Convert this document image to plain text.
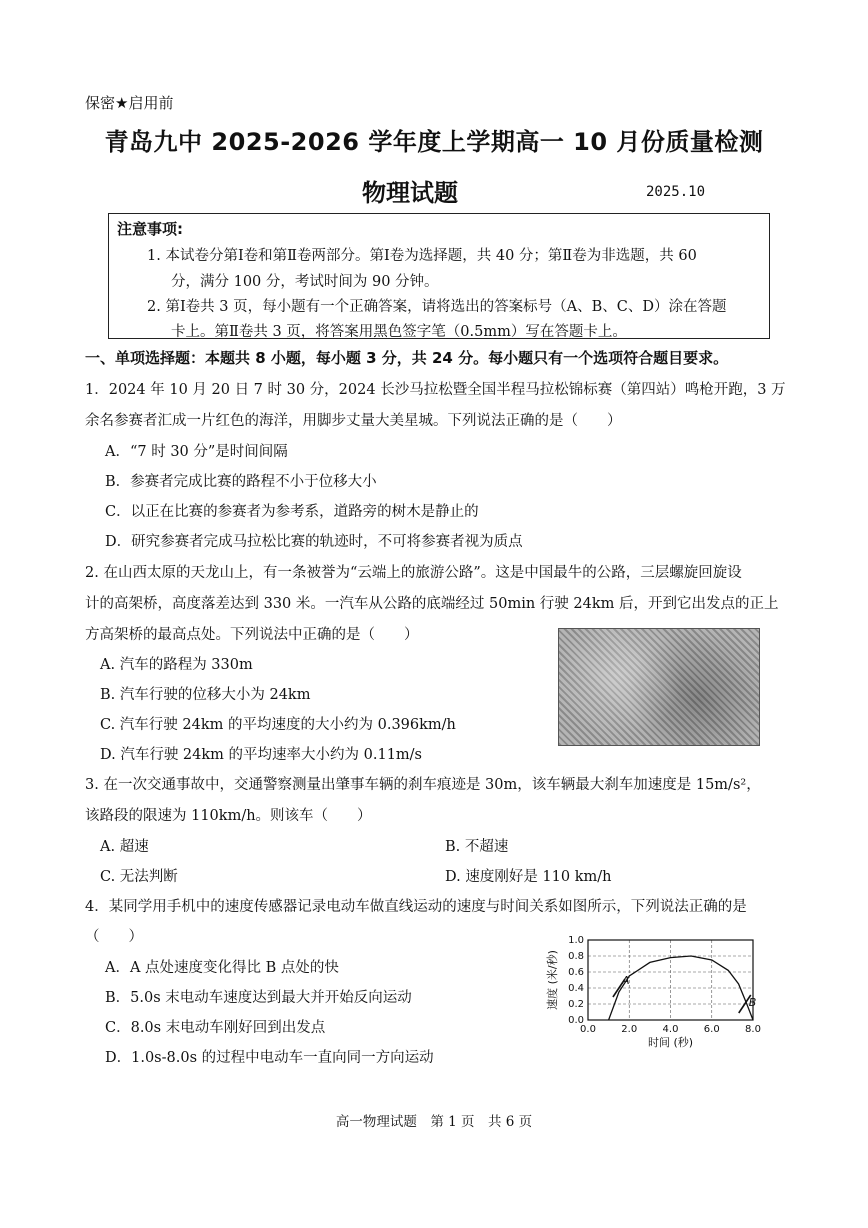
保密★启用前
青岛九中 2025-2026 学年度上学期高一 10 月份质量检测
物理试题	2025.10
注意事项:
1. 本试卷分第Ⅰ卷和第Ⅱ卷两部分。第Ⅰ卷为选择题，共 40 分；第Ⅱ卷为非选题，共 60
分，满分 100 分，考试时间为 90 分钟。
2. 第Ⅰ卷共 3 页，每小题有一个正确答案，请将选出的答案标号（A、B、C、D）涂在答题
卡上。第Ⅱ卷共 3 页，将答案用黑色签字笔（0.5mm）写在答题卡上。
一、单项选择题：本题共 8 小题，每小题 3 分，共 24 分。每小题只有一个选项符合题目要求。
1．2024 年 10 月 20 日 7 时 30 分，2024 长沙马拉松暨全国半程马拉松锦标赛（第四站）鸣枪开跑，3 万
余名参赛者汇成一片红色的海洋，用脚步丈量大美星城。下列说法正确的是（　　）
A．“7 时 30 分”是时间间隔
B．参赛者完成比赛的路程不小于位移大小
C．以正在比赛的参赛者为参考系，道路旁的树木是静止的
D．研究参赛者完成马拉松比赛的轨迹时，不可将参赛者视为质点
2. 在山西太原的天龙山上，有一条被誉为“云端上的旅游公路”。这是中国最牛的公路，三层螺旋回旋设
计的高架桥，高度落差达到 330 米。一汽车从公路的底端经过 50min 行驶 24km 后，开到它出发点的正上
方高架桥的最高点处。下列说法中正确的是（　　）
A. 汽车的路程为 330m
B. 汽车行驶的位移大小为 24km
C. 汽车行驶 24km 的平均速度的大小约为 0.396km/h
D. 汽车行驶 24km 的平均速率大小约为 0.11m/s
3. 在一次交通事故中，交通警察测量出肇事车辆的刹车痕迹是 30m，该车辆最大刹车加速度是 15m/s²，
该路段的限速为 110km/h。则该车（　　）
A. 超速	B. 不超速
C. 无法判断	D. 速度刚好是 110 km/h
4．某同学用手机中的速度传感器记录电动车做直线运动的速度与时间关系如图所示，下列说法正确的是
（　　）
A．A 点处速度变化得比 B 点处的快
B．5.0s 末电动车速度达到最大并开始反向运动
C．8.0s 末电动车刚好回到出发点
D．1.0s-8.0s 的过程中电动车一直向同一方向运动
0.0	2.0	4.0	6.0	8.0
0.0
0.2
0.4
0.6
0.8
1.0
时间 (秒)
速度 (米/秒)	A
B
高一物理试题　第 1 页　共 6 页
